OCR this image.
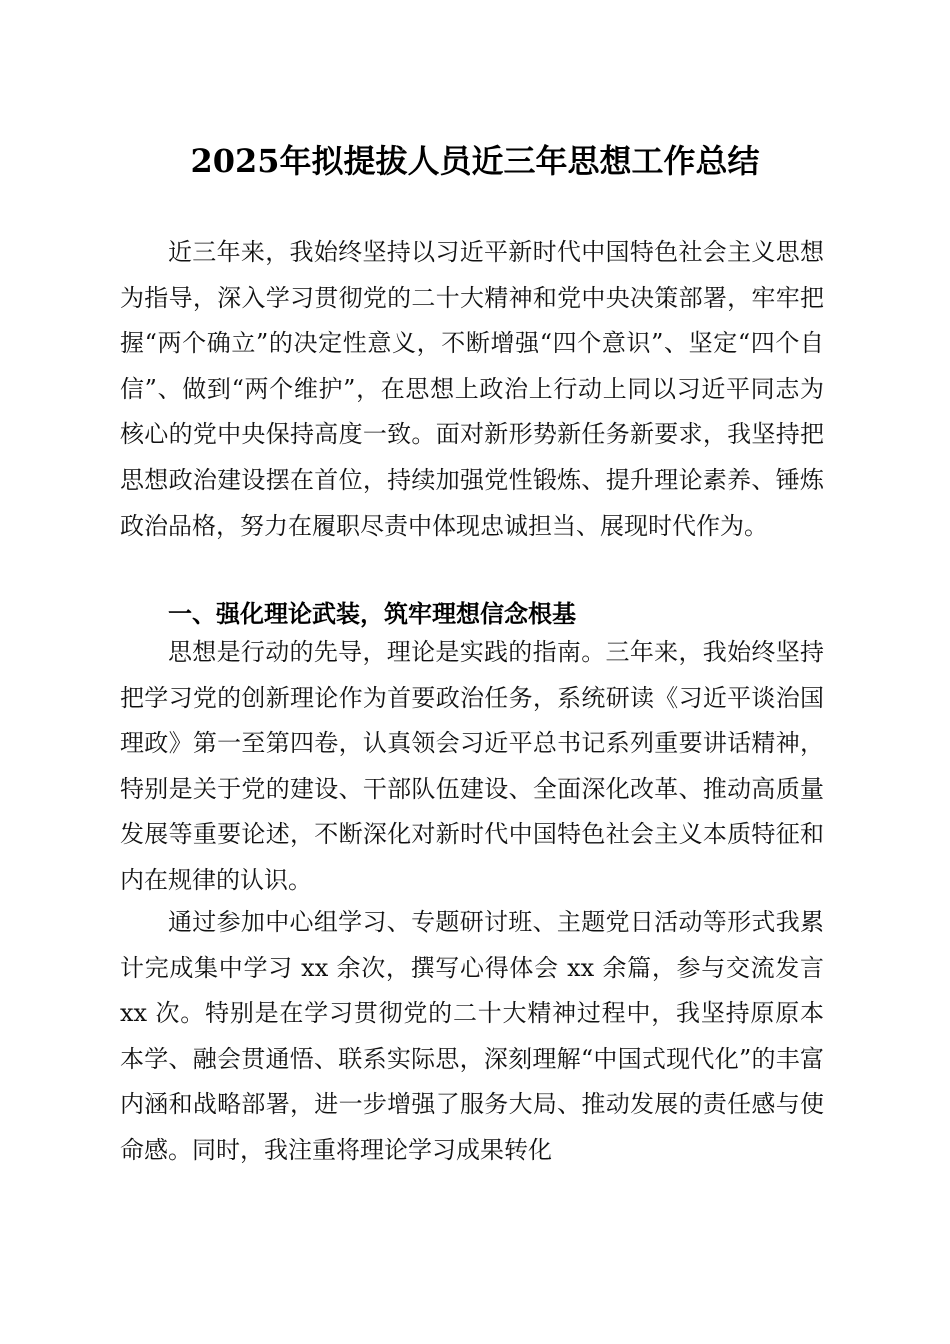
2025年拟提拔人员近三年思想工作总结

近三年来，我始终坚持以习近平新时代中国特色社会主义思想为指导，深入学习贯彻党的二十大精神和党中央决策部署，牢牢把握“两个确立”的决定性意义，不断增强“四个意识”、坚定“四个自信”、做到“两个维护”，在思想上政治上行动上同以习近平同志为核心的党中央保持高度一致。面对新形势新任务新要求，我坚持把思想政治建设摆在首位，持续加强党性锻炼、提升理论素养、锤炼政治品格，努力在履职尽责中体现忠诚担当、展现时代作为。

一、强化理论武装，筑牢理想信念根基

思想是行动的先导，理论是实践的指南。三年来，我始终坚持把学习党的创新理论作为首要政治任务，系统研读《习近平谈治国理政》第一至第四卷，认真领会习近平总书记系列重要讲话精神，特别是关于党的建设、干部队伍建设、全面深化改革、推动高质量发展等重要论述，不断深化对新时代中国特色社会主义本质特征和内在规律的认识。

通过参加中心组学习、专题研讨班、主题党日活动等形式我累计完成集中学习 xx 余次，撰写心得体会 xx 余篇，参与交流发言 xx 次。特别是在学习贯彻党的二十大精神过程中，我坚持原原本本学、融会贯通悟、联系实际思，深刻理解“中国式现代化”的丰富内涵和战略部署，进一步增强了服务大局、推动发展的责任感与使命感。同时，我注重将理论学习成果转化
